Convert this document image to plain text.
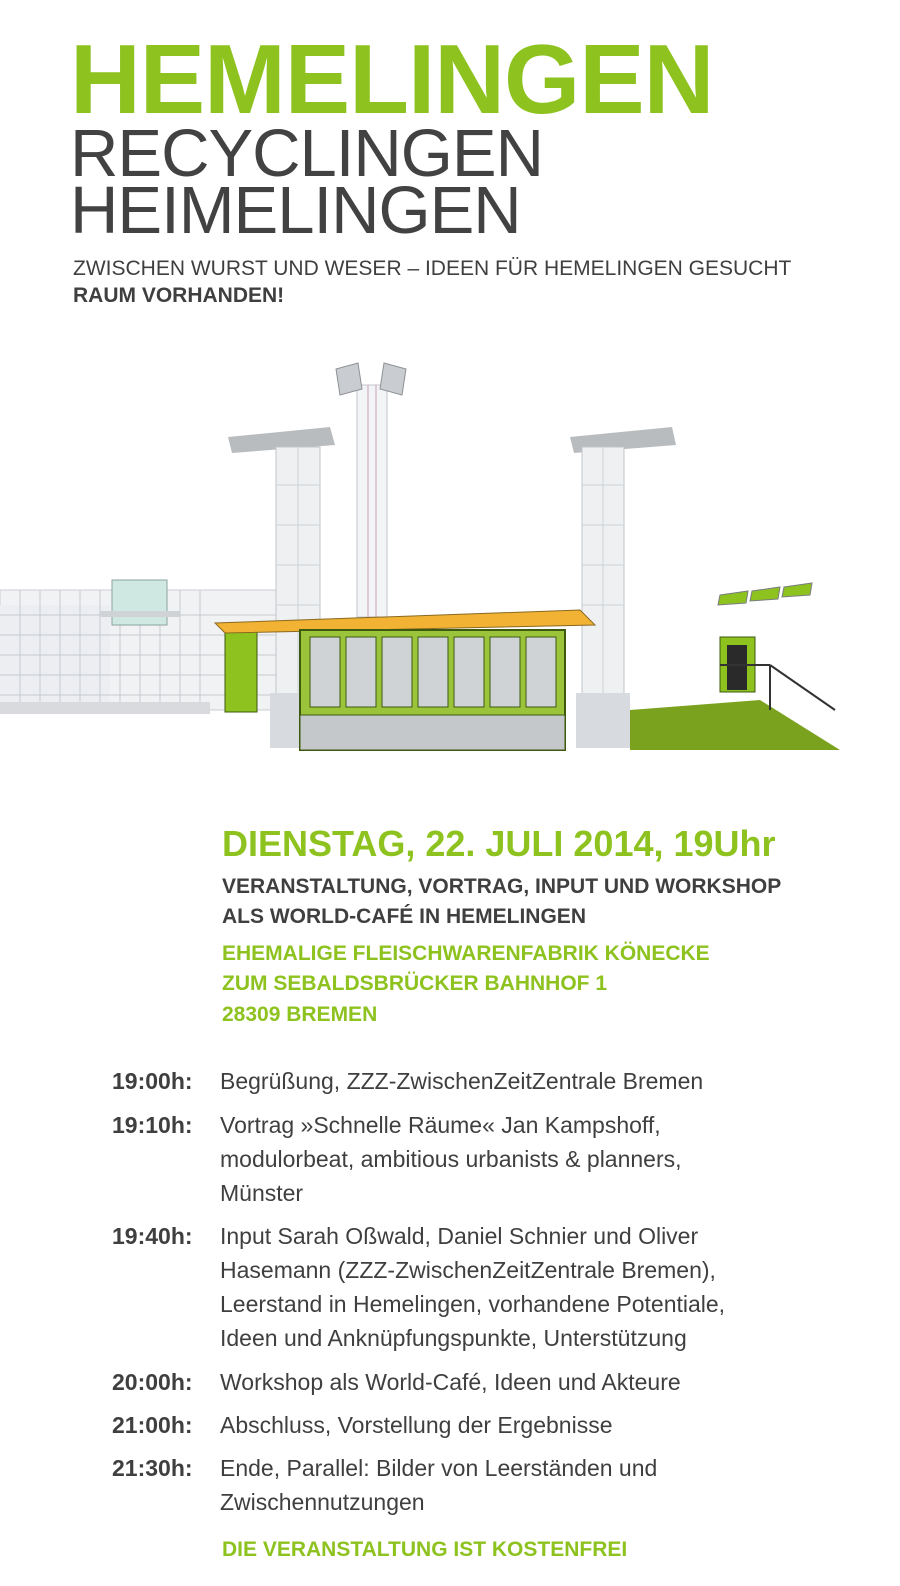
HEMELINGEN
RECYCLINGEN
HEIMELINGEN
ZWISCHEN WURST UND WESER – IDEEN FÜR HEMELINGEN GESUCHT
RAUM VORHANDEN!
DIENSTAG, 22. JULI 2014, 19Uhr
VERANSTALTUNG, VORTRAG, INPUT UND WORKSHOP
ALS WORLD-CAFÉ IN HEMELINGEN
EHEMALIGE FLEISCHWARENFABRIK KÖNECKE
ZUM SEBALDSBRÜCKER BAHNHOF 1
28309 BREMEN
19:00h:	Begrüßung, ZZZ-ZwischenZeitZentrale Bremen
19:10h:	Vortrag »Schnelle Räume« Jan Kampshoff, modulorbeat, ambitious urbanists & planners, Münster
19:40h:	Input Sarah Oßwald, Daniel Schnier und Oliver Hasemann (ZZZ-ZwischenZeitZentrale Bremen), Leerstand in Hemelingen, vorhandene Potentiale, Ideen und Anknüpfungspunkte, Unterstützung
20:00h:	Workshop als World-Café, Ideen und Akteure
21:00h:	Abschluss, Vorstellung der Ergebnisse
21:30h:	Ende, Parallel: Bilder von Leerständen und Zwischennutzungen
DIE VERANSTALTUNG IST KOSTENFREI
